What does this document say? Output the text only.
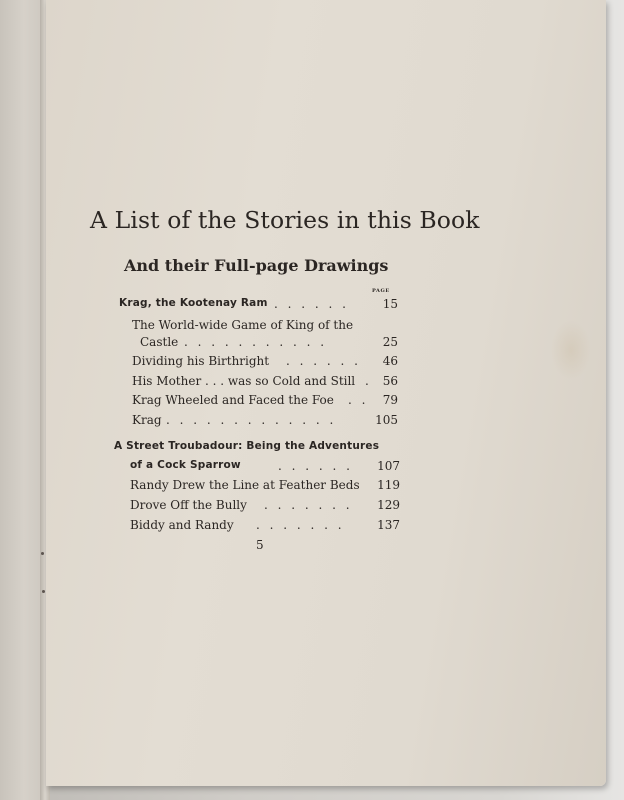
A List of the Stories in this Book
And their Full-page Drawings
PAGE
Krag, the Kootenay Ram . . . . . .	15
The World-wide Game of King of the
Castle . . . . . . . . . . .	25
Dividing his Birthright . . . . . .	46
His Mother . . . was so Cold and Still . 56
Krag Wheeled and Faced the Foe . .	79
Krag . . . . . . . . . . . . .	105
A Street Troubadour: Being the Adventures
of a Cock Sparrow	. . . . . .	107
Randy Drew the Line at Feather Beds	119
Drove Off the Bully . . . . . . .	129
Biddy and Randy . . . . . . .	137
5
